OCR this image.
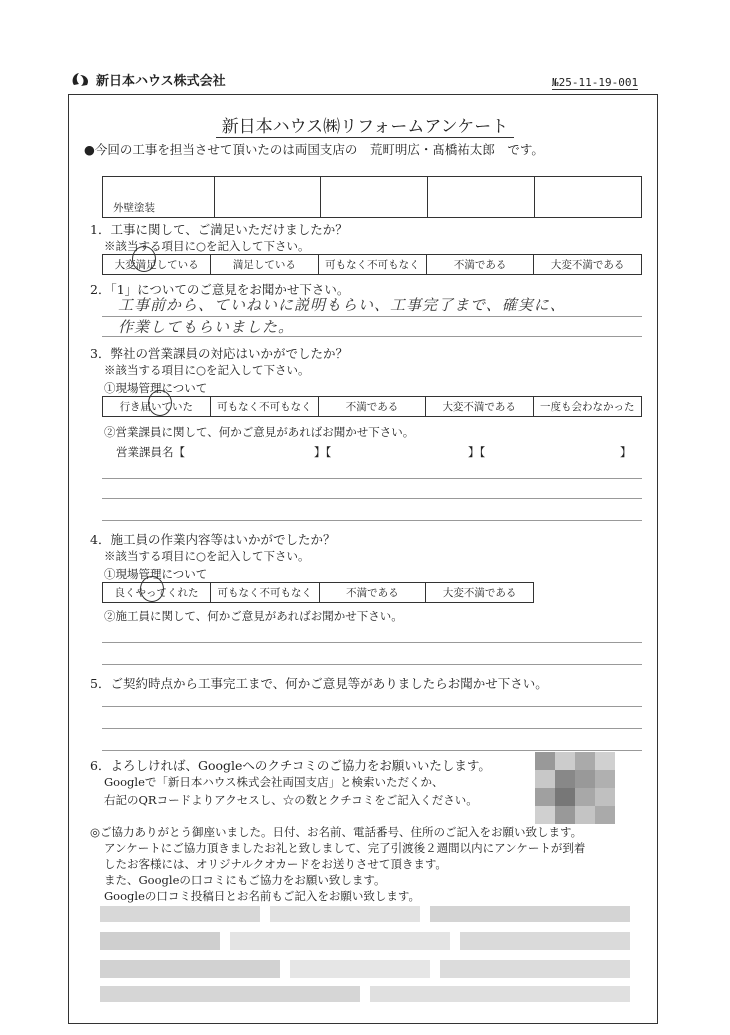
新日本ハウス株式会社	№25-11-19-001
新日本ハウス㈱リフォームアンケート
●今回の工事を担当させて頂いたのは両国支店の　荒町明広・髙橋祐太郎　です。
外壁塗装				
1．工事に関して、ご満足いただけましたか？
※該当する項目に○を記入して下さい。
大変満足している	満足している	可もなく不可もなく	不満である	大変不満である
2．「1」についてのご意見をお聞かせ下さい。
工事前から、ていねいに説明もらい、工事完了まで、確実に、
作業してもらいました。
3．弊社の営業課員の対応はいかがでしたか？
※該当する項目に○を記入して下さい。
①現場管理について
行き届いていた	可もなく不可もなく	不満である	大変不満である	一度も会わなかった
②営業課員に関して、何かご意見があればお聞かせ下さい。
営業課員名【	】【	】【	】
4．施工員の作業内容等はいかがでしたか？
※該当する項目に○を記入して下さい。
①現場管理について
良くやってくれた	可もなく不可もなく	不満である	大変不満である
②施工員に関して、何かご意見があればお聞かせ下さい。
5．ご契約時点から工事完工まで、何かご意見等がありましたらお聞かせ下さい。
6．よろしければ、Googleへのクチコミのご協力をお願いいたします。
Googleで「新日本ハウス株式会社両国支店」と検索いただくか、
右記のQRコードよりアクセスし、☆の数とクチコミをご記入ください。
◎ご協力ありがとう御座いました。日付、お名前、電話番号、住所のご記入をお願い致します。
アンケートにご協力頂きましたお礼と致しまして、完了引渡後２週間以内にアンケートが到着
したお客様には、オリジナルクオカードをお送りさせて頂きます。
また、Googleの口コミにもご協力をお願い致します。
Googleの口コミ投稿日とお名前もご記入をお願い致します。
